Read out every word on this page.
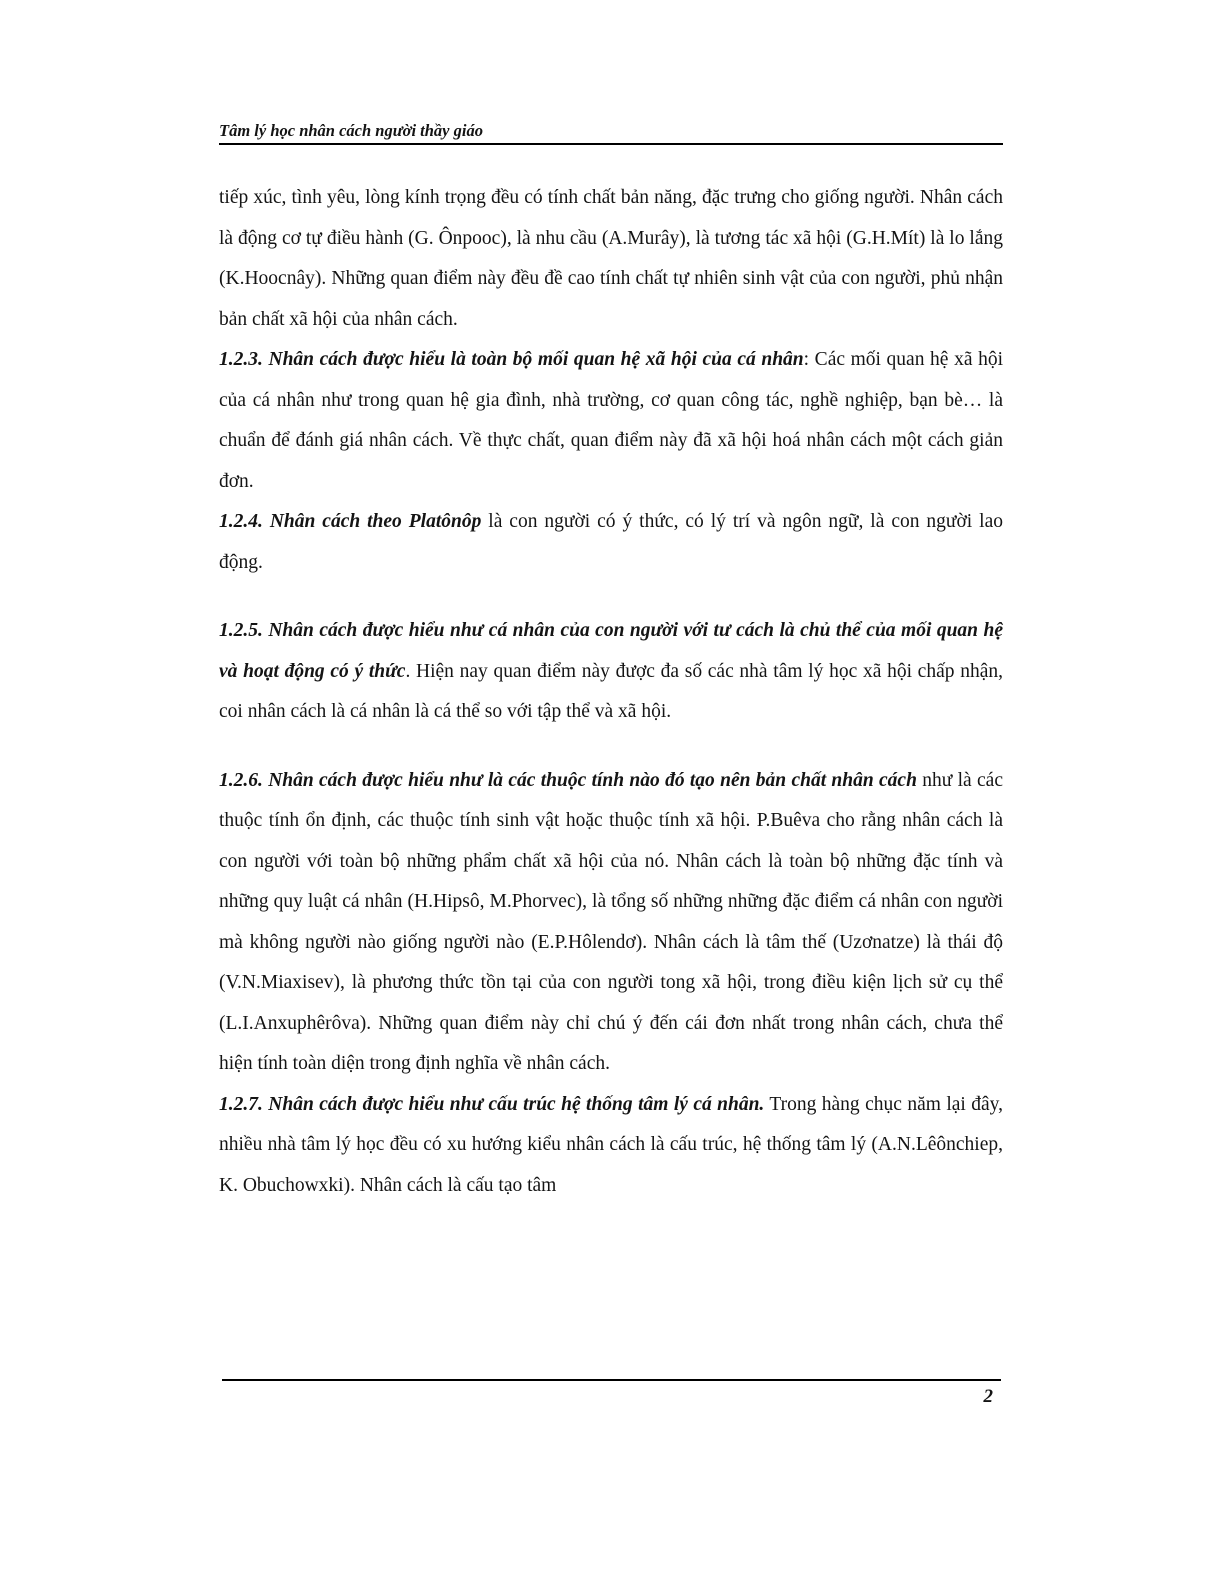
Tâm lý học nhân cách người thầy giáo

tiếp xúc, tình yêu, lòng kính trọng đều có tính chất bản năng, đặc trưng cho giống người. Nhân cách là động cơ tự điều hành (G. Ônpooc), là nhu cầu (A.Murây), là tương tác xã hội (G.H.Mít) là lo lắng (K.Hoocnây). Những quan điểm này đều đề cao tính chất tự nhiên sinh vật của con người, phủ nhận bản chất xã hội của nhân cách.

1.2.3. Nhân cách được hiểu là toàn bộ mối quan hệ xã hội của cá nhân: Các mối quan hệ xã hội của cá nhân như trong quan hệ gia đình, nhà trường, cơ quan công tác, nghề nghiệp, bạn bè… là chuẩn để đánh giá nhân cách. Về thực chất, quan điểm này đã xã hội hoá nhân cách một cách giản đơn.

1.2.4. Nhân cách theo Platônôp là con người có ý thức, có lý trí và ngôn ngữ, là con người lao động.

1.2.5. Nhân cách được hiểu như cá nhân của con người với tư cách là chủ thể của mối quan hệ và hoạt động có ý thức. Hiện nay quan điểm này được đa số các nhà tâm lý học xã hội chấp nhận, coi nhân cách là cá nhân là cá thể so với tập thể và xã hội.

1.2.6. Nhân cách được hiểu như là các thuộc tính nào đó tạo nên bản chất nhân cách như là các thuộc tính ổn định, các thuộc tính sinh vật hoặc thuộc tính xã hội. P.Buêva cho rằng nhân cách là con người với toàn bộ những phẩm chất xã hội của nó. Nhân cách là toàn bộ những đặc tính và những quy luật cá nhân (H.Hipsô, M.Phorvec), là tổng số những những đặc điểm cá nhân con người mà không người nào giống người nào (E.P.Hôlendơ). Nhân cách là tâm thế (Uzơnatze) là thái độ (V.N.Miaxisev), là phương thức tồn tại của con người tong xã hội, trong điều kiện lịch sử cụ thể (L.I.Anxuphêrôva). Những quan điểm này chỉ chú ý đến cái đơn nhất trong nhân cách, chưa thể hiện tính toàn diện trong định nghĩa về nhân cách.

1.2.7. Nhân cách được hiểu như cấu trúc hệ thống tâm lý cá nhân. Trong hàng chục năm lại đây, nhiều nhà tâm lý học đều có xu hướng kiểu nhân cách là cấu trúc, hệ thống tâm lý (A.N.Lêônchiep, K. Obuchowxki). Nhân cách là cấu tạo tâm

2
